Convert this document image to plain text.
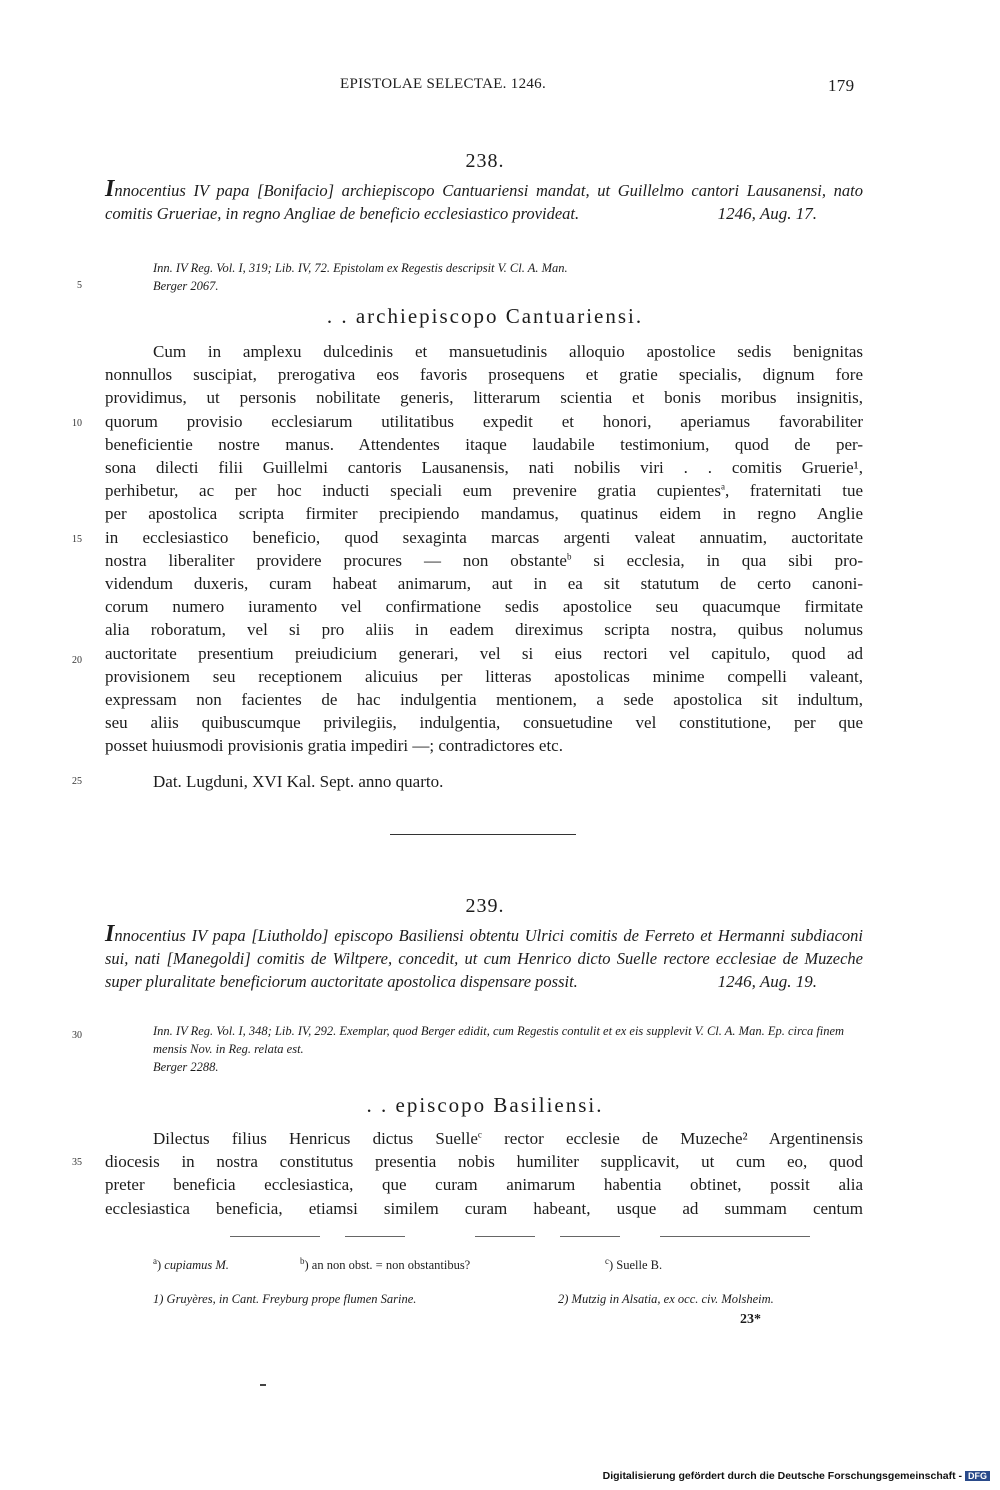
EPISTOLAE SELECTAE. 1246.	179
238.
Innocentius IV papa [Bonifacio] archiepiscopo Cantuariensi mandat, ut Guillelmo cantori Lausanensi, nato comitis Grueriae, in regno Angliae de beneficio ecclesiastico provideat.	1246, Aug. 17.
Inn. IV Reg. Vol. I, 319; Lib. IV, 72. Epistolam ex Regestis descripsit V. Cl. A. Man.
Berger 2067.
. . archiepiscopo Cantuariensi.
Cum in amplexu dulcedinis et mansuetudinis alloquio apostolice sedis benignitas
nonnullos suscipiat, prerogativa eos favoris prosequens et gratie specialis, dignum fore
providimus, ut personis nobilitate generis, litterarum scientia et bonis moribus insignitis,
quorum provisio ecclesiarum utilitatibus expedit et honori, aperiamus favorabiliter
beneficientie nostre manus. Attendentes itaque laudabile testimonium, quod de per-
sona dilecti filii Guillelmi cantoris Lausanensis, nati nobilis viri . . comitis Gruerie¹,
perhibetur, ac per hoc inducti speciali eum prevenire gratia cupientes$^a$, fraternitati tue
per apostolica scripta firmiter precipiendo mandamus, quatinus eidem in regno Anglie
in ecclesiastico beneficio, quod sexaginta marcas argenti valeat annuatim, auctoritate
nostra liberaliter providere procures — non obstante$^b$ si ecclesia, in qua sibi pro-
videndum duxeris, curam habeat animarum, aut in ea sit statutum de certo canoni-
corum numero iuramento vel confirmatione sedis apostolice seu quacumque firmitate
alia roboratum, vel si pro aliis in eadem direximus scripta nostra, quibus nolumus
auctoritate presentium preiudicium generari, vel si eius rectori vel capitulo, quod ad
provisionem seu receptionem alicuius per litteras apostolicas minime compelli valeant,
expressam non facientes de hac indulgentia mentionem, a sede apostolica sit indultum,
seu aliis quibuscumque privilegiis, indulgentia, consuetudine vel constitutione, per que
posset huiusmodi provisionis gratia impediri —; contradictores etc.
Dat. Lugduni, XVI Kal. Sept. anno quarto.
5
10
15
20
25
30
35
239.
Innocentius IV papa [Liutholdo] episcopo Basiliensi obtentu Ulrici comitis de Ferreto et Hermanni subdiaconi sui, nati [Manegoldi] comitis de Wiltpere, concedit, ut cum Henrico dicto Suelle rectore ecclesiae de Muzeche super pluralitate beneficiorum auctoritate apostolica dispensare possit.	1246, Aug. 19.
Inn. IV Reg. Vol. I, 348; Lib. IV, 292. Exemplar, quod Berger edidit, cum Regestis contulit et ex eis supplevit V. Cl. A. Man. Ep. circa finem mensis Nov. in Reg. relata est.
Berger 2288.
. . episcopo Basiliensi.
Dilectus filius Henricus dictus Suelle$^c$ rector ecclesie de Muzeche² Argentinensis
diocesis in nostra constitutus presentia nobis humiliter supplicavit, ut cum eo, quod
preter beneficia ecclesiastica, que curam animarum habentia obtinet, possit alia
ecclesiastica beneficia, etiamsi similem curam habeant, usque ad summam centum
$^a$) cupiamus M.	$^b$) an non obst. = non obstantibus?	$^c$) Suelle B.
1) Gruyères, in Cant. Freyburg prope flumen Sarine.	2) Mutzig in Alsatia, ex occ. civ. Molsheim.
23*
Digitalisierung gefördert durch die Deutsche Forschungsgemeinschaft - DFG
